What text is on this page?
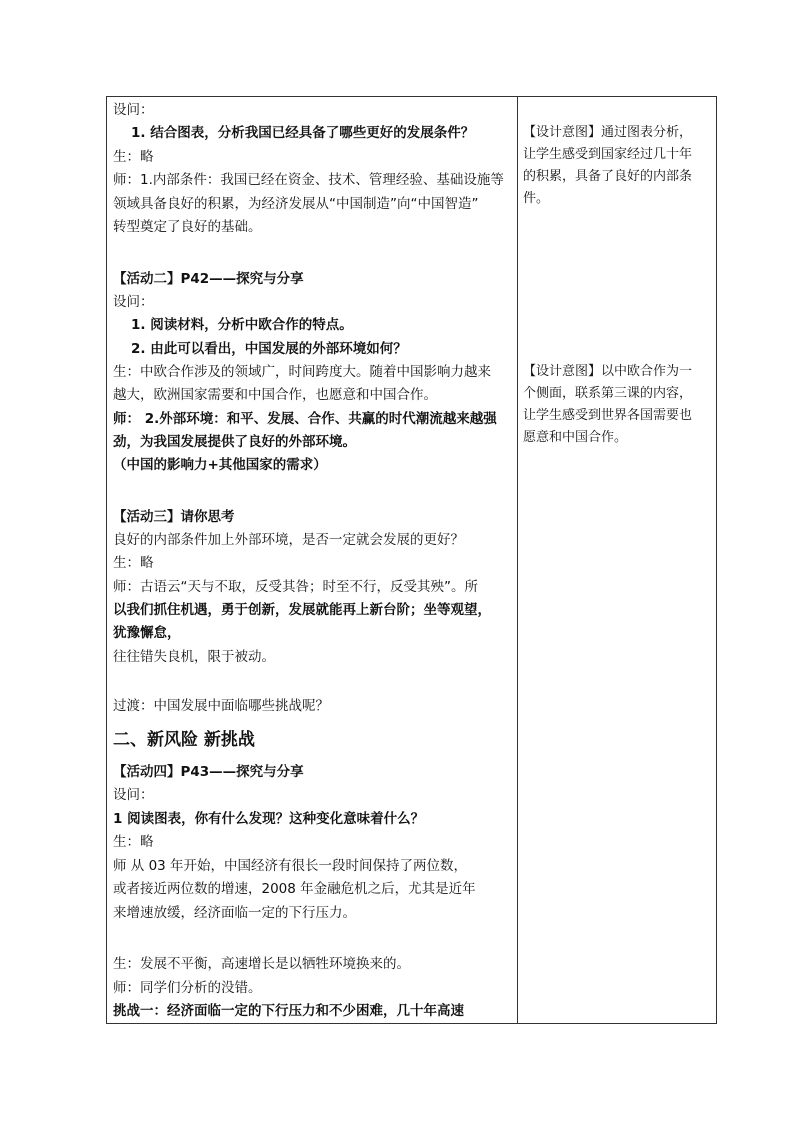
设问：
1. 结合图表，分析我国已经具备了哪些更好的发展条件？
生：略
师：1.内部条件：我国已经在资金、技术、管理经验、基础设施等
领域具备良好的积累，为经济发展从“中国制造”向“中国智造”
转型奠定了良好的基础。
【活动二】P42——探究与分享
设问：
1. 阅读材料，分析中欧合作的特点。
2. 由此可以看出，中国发展的外部环境如何？
生：中欧合作涉及的领域广，时间跨度大。随着中国影响力越来
越大，欧洲国家需要和中国合作，也愿意和中国合作。
师： 2.外部环境：和平、发展、合作、共赢的时代潮流越来越强
劲，为我国发展提供了良好的外部环境。
（中国的影响力+其他国家的需求）
【活动三】请你思考
良好的内部条件加上外部环境，是否一定就会发展的更好？
生：略
师：古语云“天与不取，反受其咎；时至不行，反受其殃”。所
以我们抓住机遇，勇于创新，发展就能再上新台阶；坐等观望，
犹豫懈怠，
往往错失良机，限于被动。
过渡：中国发展中面临哪些挑战呢？
二、新风险 新挑战
【活动四】P43——探究与分享
设问：
1 阅读图表，你有什么发现？这种变化意味着什么？
生：略
师 从 03 年开始，中国经济有很长一段时间保持了两位数，
或者接近两位数的增速，2008 年金融危机之后，尤其是近年
来增速放缓，经济面临一定的下行压力。
生：发展不平衡，高速增长是以牺牲环境换来的。
师：同学们分析的没错。
挑战一：经济面临一定的下行压力和不少困难，几十年高速

【设计意图】通过图表分析，

让学生感受到国家经过几十年

的积累，具备了良好的内部条

件。

【设计意图】以中欧合作为一

个侧面，联系第三课的内容，

让学生感受到世界各国需要也

愿意和中国合作。
